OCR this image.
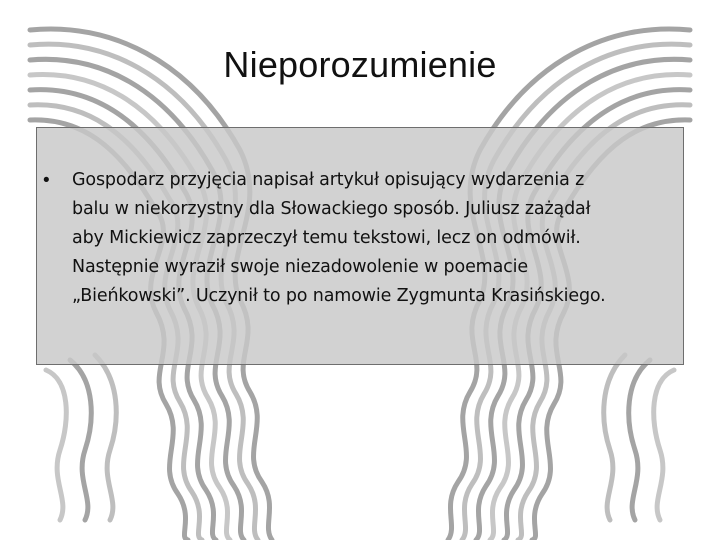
Nieporozumienie
• Gospodarz przyjęcia napisał artykuł opisujący wydarzenia z
balu w niekorzystny dla Słowackiego sposób. Juliusz zażądał
aby Mickiewicz zaprzeczył temu tekstowi, lecz on odmówił.
Następnie wyraził swoje niezadowolenie w poemacie
„Bieńkowski”. Uczynił to po namowie Zygmunta Krasińskiego.
